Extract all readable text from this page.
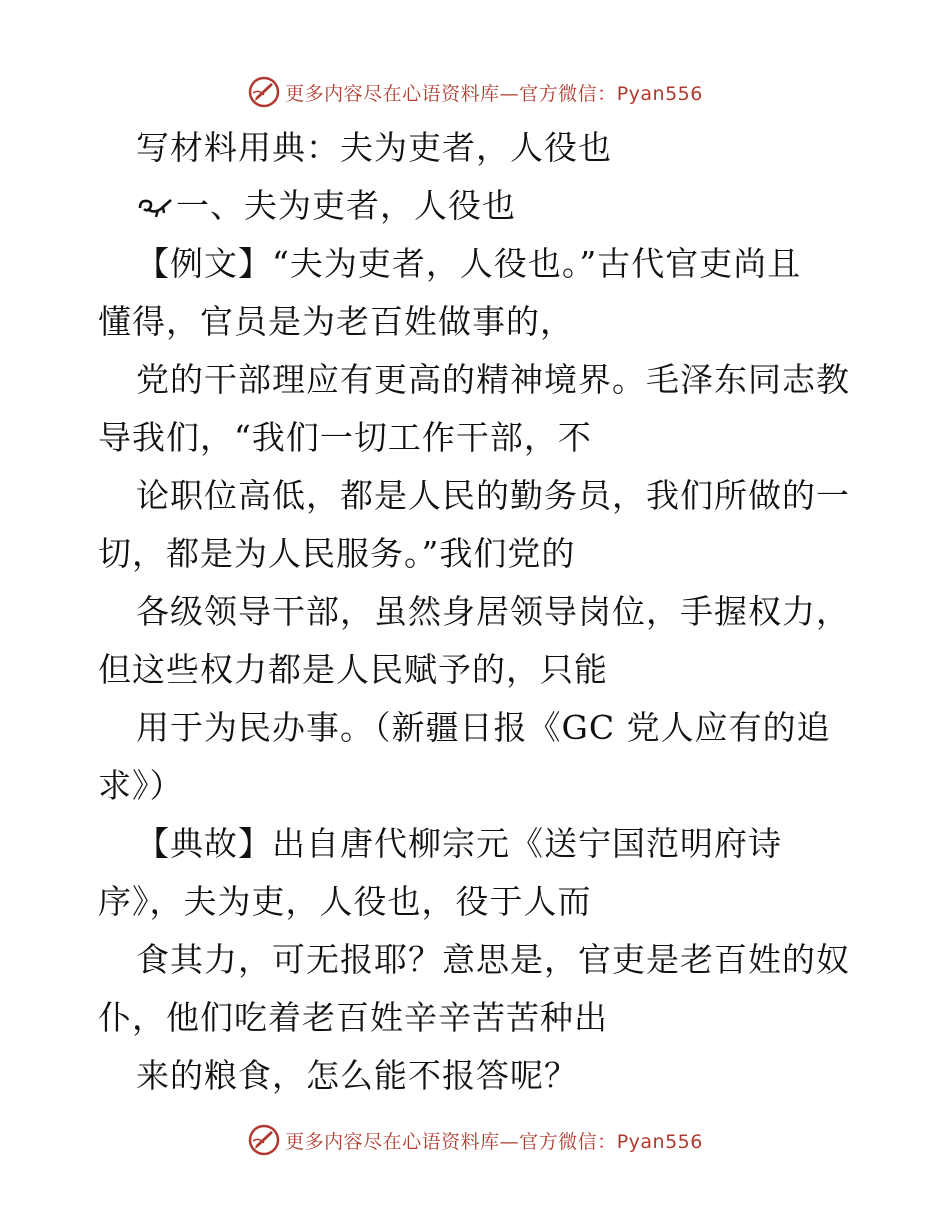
更多内容尽在心语资料库—官方微信：Pyan556
写材料用典：夫为吏者，人役也
一、夫为吏者，人役也
【例文】“夫为吏者，人役也。”古代官吏尚且
懂得，官员是为老百姓做事的，
党的干部理应有更高的精神境界。毛泽东同志教
导我们，“我们一切工作干部，不
论职位高低，都是人民的勤务员，我们所做的一
切，都是为人民服务。”我们党的
各级领导干部，虽然身居领导岗位，手握权力，
但这些权力都是人民赋予的，只能
用于为民办事。（新疆日报《GC 党人应有的追
求》）
【典故】出自唐代柳宗元《送宁国范明府诗
序》，夫为吏，人役也，役于人而
食其力，可无报耶？意思是，官吏是老百姓的奴
仆，他们吃着老百姓辛辛苦苦种出
来的粮食，怎么能不报答呢？
更多内容尽在心语资料库—官方微信：Pyan556
